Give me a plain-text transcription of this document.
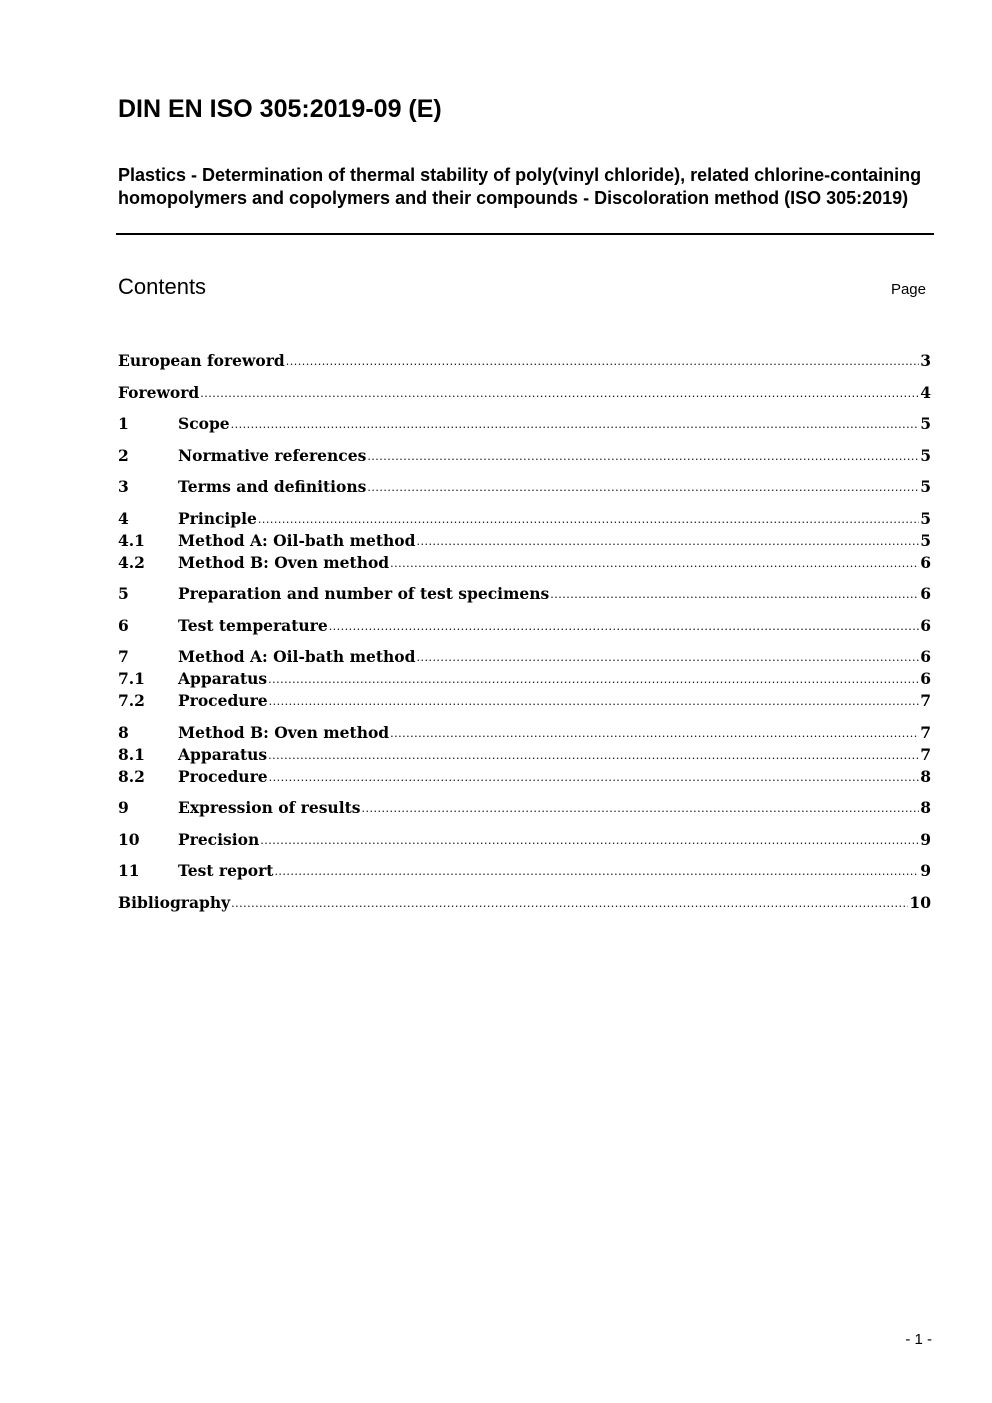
DIN EN ISO 305:2019-09 (E)

Plastics - Determination of thermal stability of poly(vinyl chloride), related chlorine-containing homopolymers and copolymers and their compounds - Discoloration method (ISO 305:2019)

Contents	Page
European foreword .....	3
Foreword .....	4
1	Scope .....	5
2	Normative references .....	5
3	Terms and definitions .....	5
4	Principle .....	5
4.1	Method A: Oil-bath method .....	5
4.2	Method B: Oven method .....	6
5	Preparation and number of test specimens .....	6
6	Test temperature .....	6
7	Method A: Oil-bath method .....	6
7.1	Apparatus .....	6
7.2	Procedure .....	7
8	Method B: Oven method .....	7
8.1	Apparatus .....	7
8.2	Procedure .....	8
9	Expression of results .....	8
10	Precision .....	9
11	Test report .....	9
Bibliography .....	10
- 1 -
